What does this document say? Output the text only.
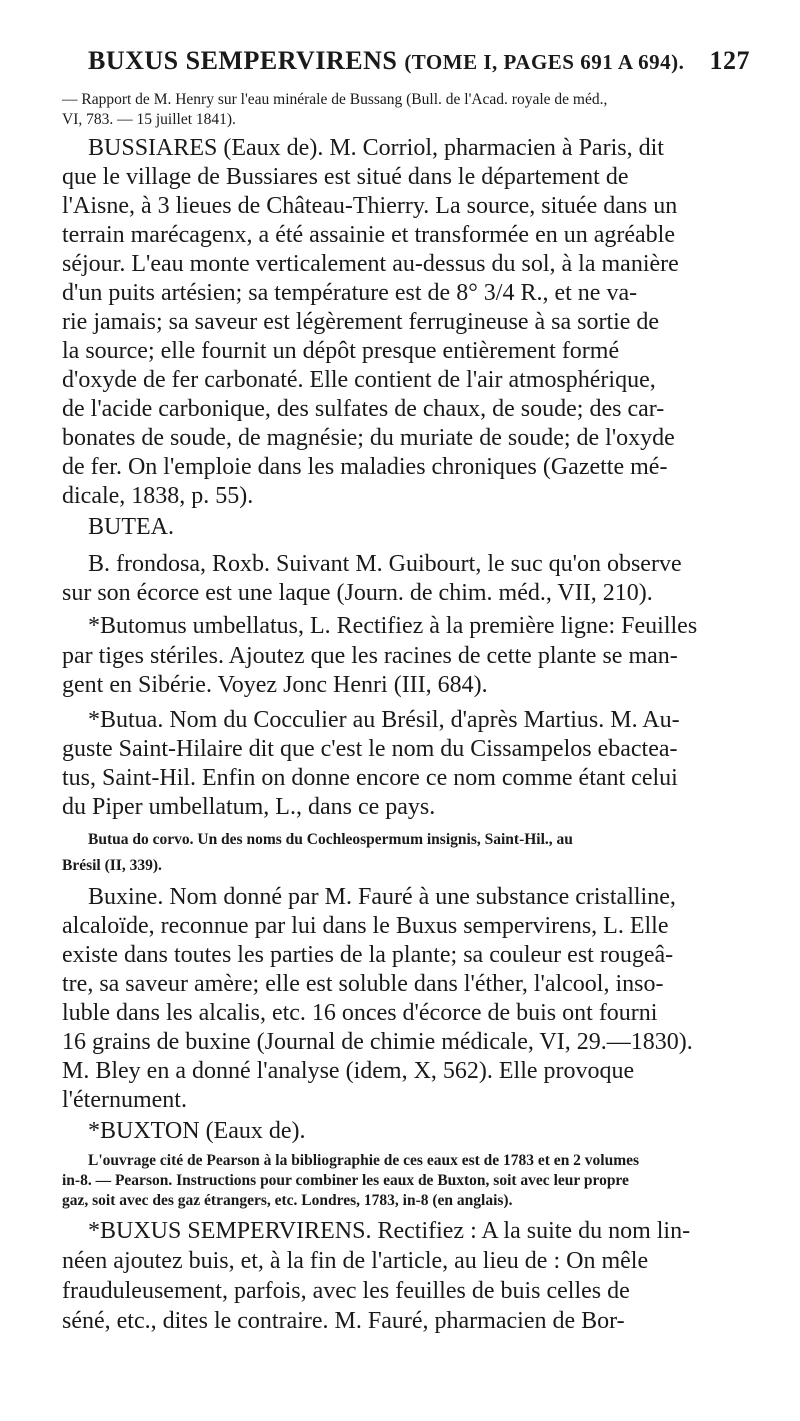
BUXUS SEMPERVIRENS (TOME I, PAGES 691 A 694). 127
— Rapport de M. Henry sur l'eau minérale de Bussang (Bull. de l'Acad. royale de méd.,
VI, 783. — 15 juillet 1841).
BUSSIARES (Eaux de). M. Corriol, pharmacien à Paris, dit
que le village de Bussiares est situé dans le département de
l'Aisne, à 3 lieues de Château-Thierry. La source, située dans un
terrain marécagenx, a été assainie et transformée en un agréable
séjour. L'eau monte verticalement au-dessus du sol, à la manière
d'un puits artésien; sa température est de 8° 3/4 R., et ne va-
rie jamais; sa saveur est légèrement ferrugineuse à sa sortie de
la source; elle fournit un dépôt presque entièrement formé
d'oxyde de fer carbonaté. Elle contient de l'air atmosphérique,
de l'acide carbonique, des sulfates de chaux, de soude; des car-
bonates de soude, de magnésie; du muriate de soude; de l'oxyde
de fer. On l'emploie dans les maladies chroniques (Gazette mé-
dicale, 1838, p. 55).
BUTEA.
B. frondosa, Roxb. Suivant M. Guibourt, le suc qu'on observe
sur son écorce est une laque (Journ. de chim. méd., VII, 210).
*Butomus umbellatus, L. Rectifiez à la première ligne: Feuilles
par tiges stériles. Ajoutez que les racines de cette plante se man-
gent en Sibérie. Voyez Jonc Henri (III, 684).
*Butua. Nom du Cocculier au Brésil, d'après Martius. M. Au-
guste Saint-Hilaire dit que c'est le nom du Cissampelos ebactea-
tus, Saint-Hil. Enfin on donne encore ce nom comme étant celui
du Piper umbellatum, L., dans ce pays.
Butua do corvo. Un des noms du Cochleospermum insignis, Saint-Hil., au
Brésil (II, 339).
Buxine. Nom donné par M. Fauré à une substance cristalline,
alcaloïde, reconnue par lui dans le Buxus sempervirens, L. Elle
existe dans toutes les parties de la plante; sa couleur est rougeâ-
tre, sa saveur amère; elle est soluble dans l'éther, l'alcool, inso-
luble dans les alcalis, etc. 16 onces d'écorce de buis ont fourni
16 grains de buxine (Journal de chimie médicale, VI, 29.—1830).
M. Bley en a donné l'analyse (idem, X, 562). Elle provoque
l'éternument.
*BUXTON (Eaux de).
L'ouvrage cité de Pearson à la bibliographie de ces eaux est de 1783 et en 2 volumes
in-8. — Pearson. Instructions pour combiner les eaux de Buxton, soit avec leur propre
gaz, soit avec des gaz étrangers, etc. Londres, 1783, in-8 (en anglais).
*BUXUS SEMPERVIRENS. Rectifiez : A la suite du nom lin-
néen ajoutez buis, et, à la fin de l'article, au lieu de : On mêle
frauduleusement, parfois, avec les feuilles de buis celles de
séné, etc., dites le contraire. M. Fauré, pharmacien de Bor-
